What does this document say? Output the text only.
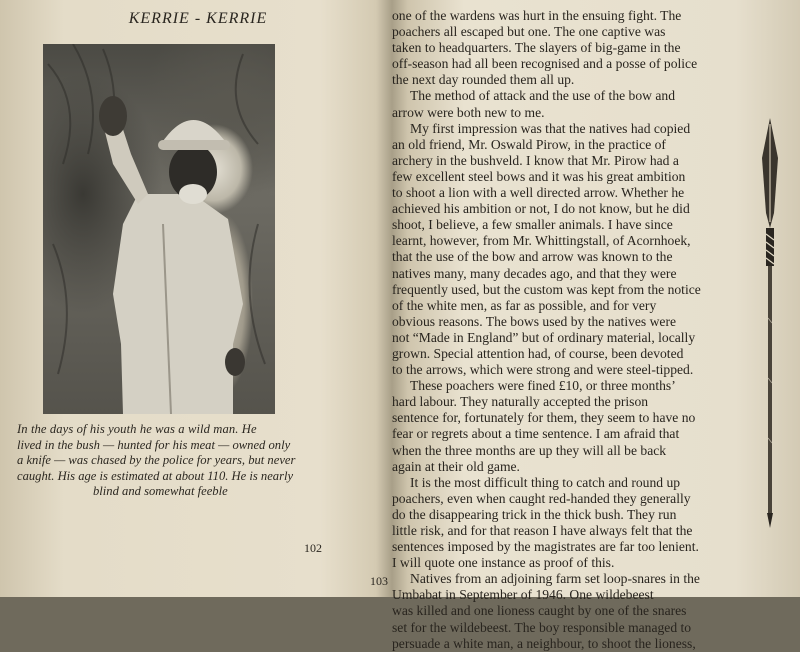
KERRIE - KERRIE
In the days of his youth he was a wild man. He
lived in the bush — hunted for his meat — owned only
a knife — was chased by the police for years, but never
caught. His age is estimated at about 110. He is nearly
blind and somewhat feeble
102
one of the wardens was hurt in the ensuing fight. The
poachers all escaped but one. The one captive was
taken to headquarters. The slayers of big-game in the
off-season had all been recognised and a posse of police
the next day rounded them all up.
The method of attack and the use of the bow and
arrow were both new to me.
My first impression was that the natives had copied
an old friend, Mr. Oswald Pirow, in the practice of
archery in the bushveld. I know that Mr. Pirow had a
few excellent steel bows and it was his great ambition
to shoot a lion with a well directed arrow. Whether he
achieved his ambition or not, I do not know, but he did
shoot, I believe, a few smaller animals. I have since
learnt, however, from Mr. Whittingstall, of Acornhoek,
that the use of the bow and arrow was known to the
natives many, many decades ago, and that they were
frequently used, but the custom was kept from the notice
of the white men, as far as possible, and for very
obvious reasons. The bows used by the natives were
not “Made in England” but of ordinary material, locally
grown. Special attention had, of course, been devoted
to the arrows, which were strong and were steel-tipped.
These poachers were fined £10, or three months’
hard labour. They naturally accepted the prison
sentence for, fortunately for them, they seem to have no
fear or regrets about a time sentence. I am afraid that
when the three months are up they will all be back
again at their old game.
It is the most difficult thing to catch and round up
poachers, even when caught red-handed they generally
do the disappearing trick in the thick bush. They run
little risk, and for that reason I have always felt that the
sentences imposed by the magistrates are far too lenient.
I will quote one instance as proof of this.
Natives from an adjoining farm set loop-snares in the
Umbabat in September of 1946. One wildebeest
was killed and one lioness caught by one of the snares
set for the wildebeest. The boy responsible managed to
persuade a white man, a neighbour, to shoot the lioness,
103
